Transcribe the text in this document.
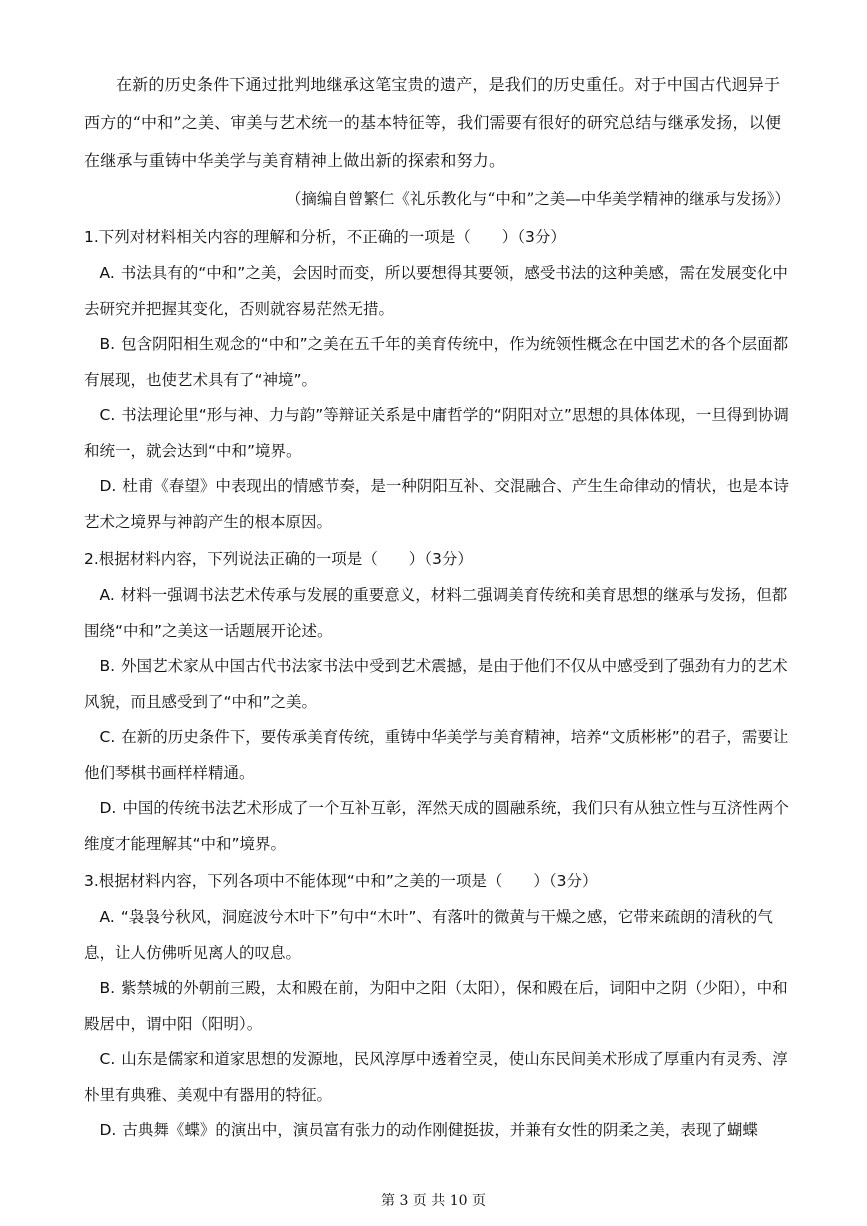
在新的历史条件下通过批判地继承这笔宝贵的遗产，是我们的历史重任。对于中国古代迥异于西方的“中和”之美、审美与艺术统一的基本特征等，我们需要有很好的研究总结与继承发扬，以便在继承与重铸中华美学与美育精神上做出新的探索和努力。

（摘编自曾繁仁《礼乐教化与“中和”之美—中华美学精神的继承与发扬》）

1.下列对材料相关内容的理解和分析，不正确的一项是（　　）（3分）

A. 书法具有的“中和”之美，会因时而变，所以要想得其要领，感受书法的这种美感，需在发展变化中去研究并把握其变化，否则就容易茫然无措。

B. 包含阴阳相生观念的“中和”之美在五千年的美育传统中，作为统领性概念在中国艺术的各个层面都有展现，也使艺术具有了“神境”。

C. 书法理论里“形与神、力与韵”等辩证关系是中庸哲学的“阴阳对立”思想的具体体现，一旦得到协调和统一，就会达到“中和”境界。

D. 杜甫《春望》中表现出的情感节奏，是一种阴阳互补、交混融合、产生生命律动的情状，也是本诗艺术之境界与神韵产生的根本原因。

2.根据材料内容，下列说法正确的一项是（　　）（3分）

A. 材料一强调书法艺术传承与发展的重要意义，材料二强调美育传统和美育思想的继承与发扬，但都围绕“中和”之美这一话题展开论述。

B. 外国艺术家从中国古代书法家书法中受到艺术震撼，是由于他们不仅从中感受到了强劲有力的艺术风貌，而且感受到了“中和”之美。

C. 在新的历史条件下，要传承美育传统，重铸中华美学与美育精神，培养“文质彬彬”的君子，需要让他们琴棋书画样样精通。

D. 中国的传统书法艺术形成了一个互补互彰，浑然天成的圆融系统，我们只有从独立性与互济性两个维度才能理解其“中和”境界。

3.根据材料内容，下列各项中不能体现“中和”之美的一项是（　　）（3分）

A. “袅袅兮秋风，洞庭波兮木叶下”句中“木叶”、有落叶的微黄与干燥之感，它带来疏朗的清秋的气息，让人仿佛听见离人的叹息。

B. 紫禁城的外朝前三殿，太和殿在前，为阳中之阳（太阳），保和殿在后，词阳中之阴（少阳），中和殿居中，谓中阳（阳明）。

C. 山东是儒家和道家思想的发源地，民风淳厚中透着空灵，使山东民间美术形成了厚重内有灵秀、淳朴里有典雅、美观中有器用的特征。

D. 古典舞《蝶》的演出中，演员富有张力的动作刚健挺拔，并兼有女性的阴柔之美，表现了蝴蝶

第 3 页 共 10 页
